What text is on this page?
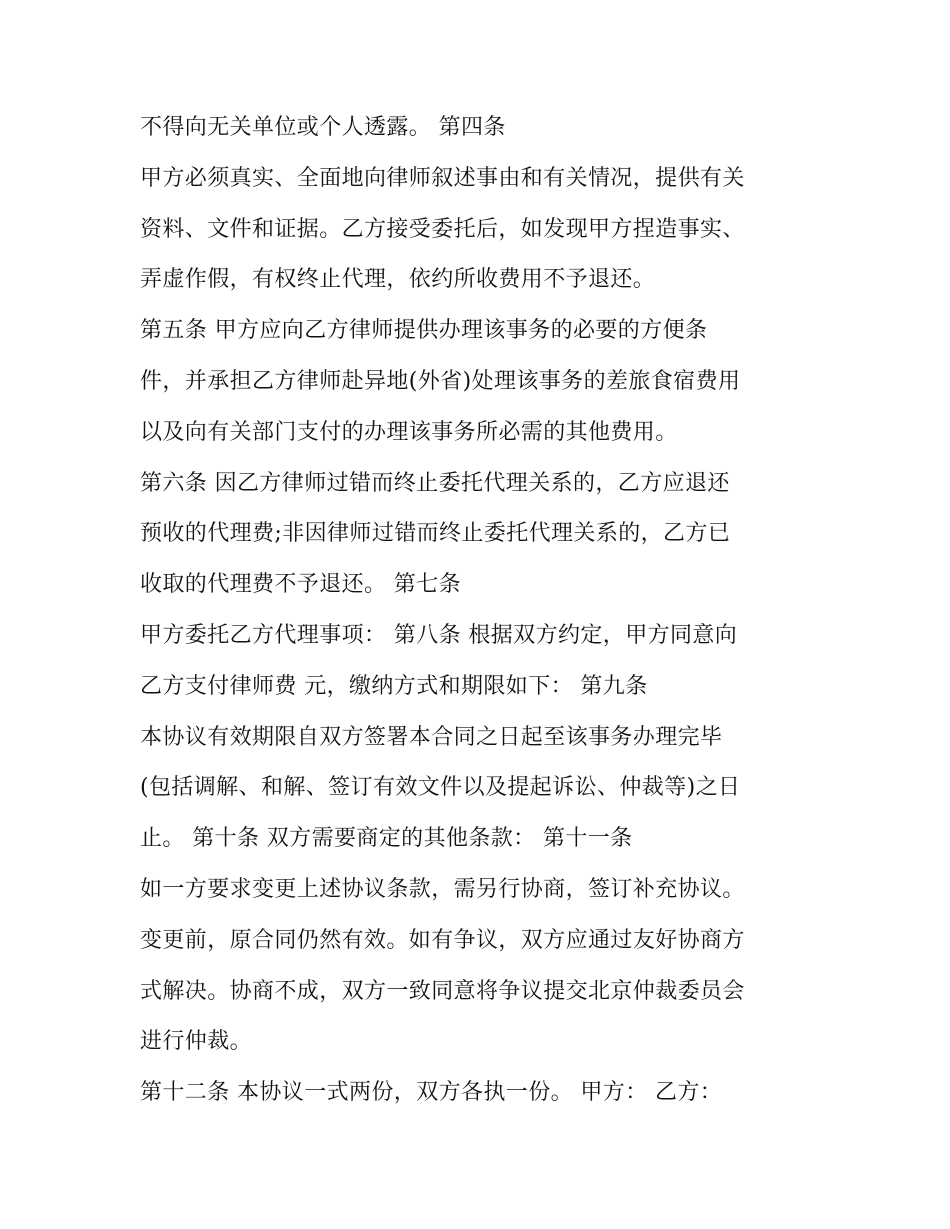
不得向无关单位或个人透露。 第四条
甲方必须真实、全面地向律师叙述事由和有关情况，提供有关
资料、文件和证据。乙方接受委托后，如发现甲方捏造事实、
弄虚作假，有权终止代理，依约所收费用不予退还。
第五条 甲方应向乙方律师提供办理该事务的必要的方便条
件，并承担乙方律师赴异地(外省)处理该事务的差旅食宿费用
以及向有关部门支付的办理该事务所必需的其他费用。
第六条 因乙方律师过错而终止委托代理关系的，乙方应退还
预收的代理费;非因律师过错而终止委托代理关系的，乙方已
收取的代理费不予退还。 第七条
甲方委托乙方代理事项： 第八条 根据双方约定，甲方同意向
乙方支付律师费 元，缴纳方式和期限如下： 第九条
本协议有效期限自双方签署本合同之日起至该事务办理完毕
(包括调解、和解、签订有效文件以及提起诉讼、仲裁等)之日
止。 第十条 双方需要商定的其他条款： 第十一条
如一方要求变更上述协议条款，需另行协商，签订补充协议。
变更前，原合同仍然有效。如有争议，双方应通过友好协商方
式解决。协商不成，双方一致同意将争议提交北京仲裁委员会
进行仲裁。
第十二条 本协议一式两份，双方各执一份。 甲方： 乙方：
